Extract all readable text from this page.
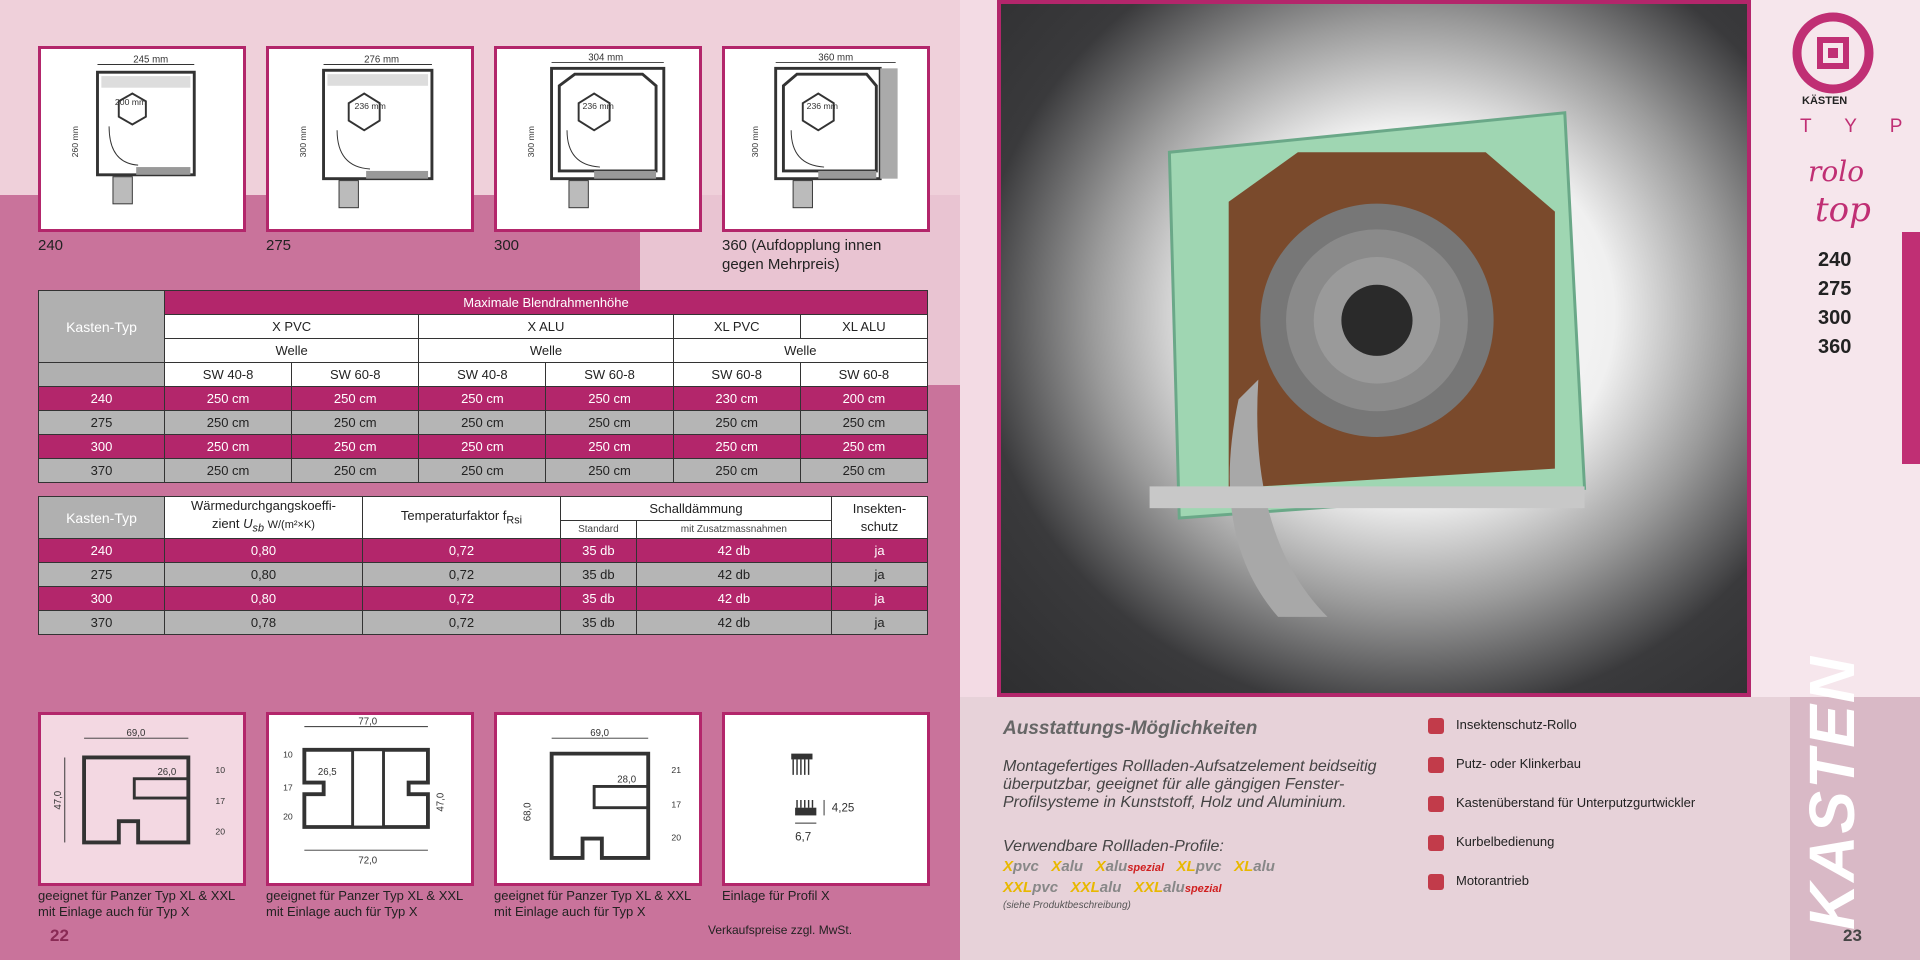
245 mm
200 mm
260 mm
276 mm
236 mm
300 mm
304 mm
236 mm
300 mm
360 mm
236 mm
300 mm
240	275	300	360 (Aufdopplung innen gegen Mehrpreis)
Kasten-Typ	Maximale Blendrahmenhöhe					
	X PVC		X ALU		XL PVC	XL ALU
	Welle		Welle		Welle	
	SW 40-8	SW 60-8	SW 40-8	SW 60-8	SW 60-8	SW 60-8
240	250 cm	250 cm	250 cm	250 cm	230 cm	200 cm
275	250 cm	250 cm	250 cm	250 cm	250 cm	250 cm
300	250 cm	250 cm	250 cm	250 cm	250 cm	250 cm
370	250 cm	250 cm	250 cm	250 cm	250 cm	250 cm
Kasten-Typ	Wärmedurchgangskoeffi-
zient $U_{sb}$ W/(m²×K)	Temperaturfaktor $f_{Rsi}$	Schalldämmung		Insekten-
schutz
			Standard	mit Zusatzmassnahmen	
240	0,80	0,72	35 db	42 db	ja
275	0,80	0,72	35 db	42 db	ja
300	0,80	0,72	35 db	42 db	ja
370	0,78	0,72	35 db	42 db	ja
69,0
26,0
47,0
10
17
20
77,0
10
17
20
26,5
47,0
72,0
69,0
28,0
68,0
21
17
20	6,7
4,25
geeignet für Panzer Typ XL & XXL mit Einlage auch für Typ X
geeignet für Panzer Typ XL & XXL mit Einlage auch für Typ X
geeignet für Panzer Typ XL & XXL mit Einlage auch für Typ X
Einlage für Profil X
22	Verkaufspreise zzgl. MwSt.
KÄSTEN
T Y P
rolo
top
240
275
300
360
KASTEN
Ausstattungs-Möglichkeiten
Montagefertiges Rollladen-Aufsatzelement beidseitig überputzbar, geeignet für alle gängigen Fenster-Profilsysteme in Kunststoff, Holz und Aluminium.
Verwendbare Rollladen-Profile:
Xpvc Xalu Xaluspezial XLpvc XLalu
XXLpvc XXLalu XXLaluspezial
(siehe Produktbeschreibung)
Insektenschutz-Rollo
Putz- oder Klinkerbau
Kastenüberstand für Unterputzgurtwickler
Kurbelbedienung
Motorantrieb
23
